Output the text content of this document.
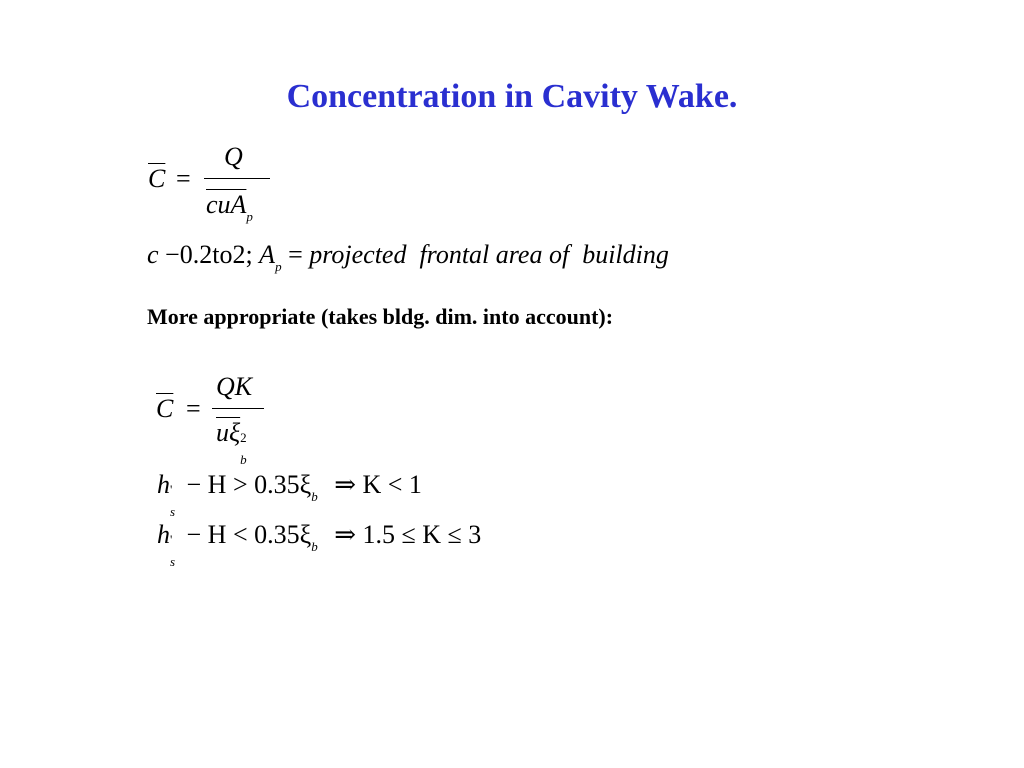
Concentration in Cavity Wake.
$\overline{C}$ =
Q
$\overline{cuA}_p$
c −0.2to2; $A_p$ = projected  frontal area of  building
More appropriate (takes bldg. dim. into account):
$\overline{C}$ =
QK
$\overline{u\xi}$ 2
b
h '
s
− $H > 0.35\xi_b$ ⇒ K < 1
h '
s
− $H < 0.35\xi_b$ ⇒ 1.5 ≤ K ≤ 3
